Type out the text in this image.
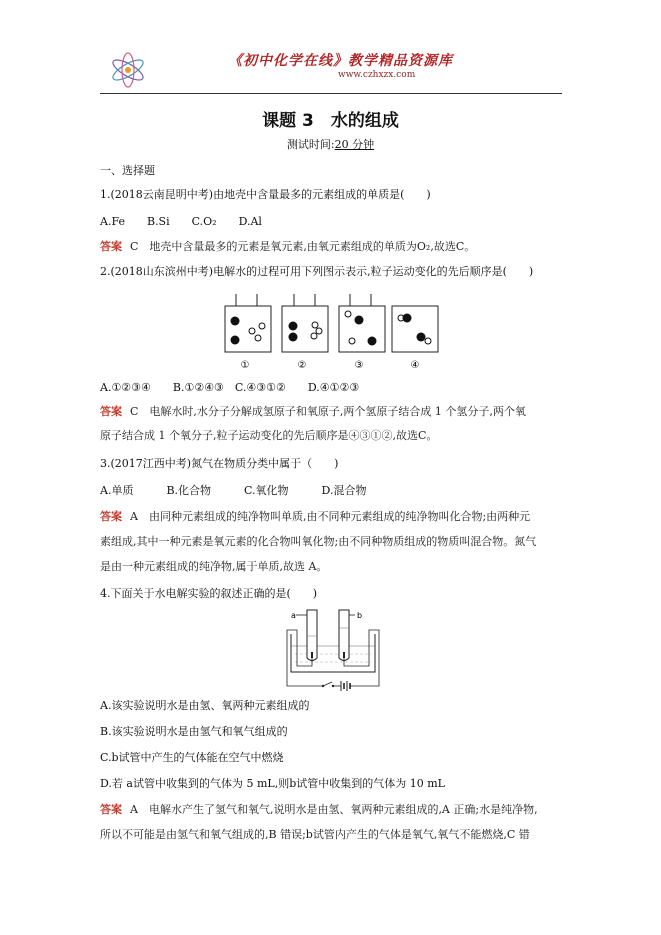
《初中化学在线》教学精品资源库
www.czhxzx.com
课题 3　水的组成
测试时间:20 分钟
一、选择题
1.(2018云南昆明中考)由地壳中含量最多的元素组成的单质是(　　)
A.Fe　　B.Si　　C.O₂　　D.Al
答案 C　地壳中含量最多的元素是氧元素,由氧元素组成的单质为O₂,故选C。
2.(2018山东滨州中考)电解水的过程可用下列图示表示,粒子运动变化的先后顺序是(　　)
①	②	③	④
A.①②③④　　B.①②④③　C.④③①②　　D.④①②③
答案 C　电解水时,水分子分解成氢原子和氧原子,两个氢原子结合成 1 个氢分子,两个氧
原子结合成 1 个氧分子,粒子运动变化的先后顺序是④③①②,故选C。
3.(2017江西中考)氮气在物质分类中属于（　　)
A.单质　　　B.化合物　　　C.氧化物　　　D.混合物
答案 A　由同种元素组成的纯净物叫单质,由不同种元素组成的纯净物叫化合物;由两种元
素组成,其中一种元素是氧元素的化合物叫氧化物;由不同种物质组成的物质叫混合物。氮气
是由一种元素组成的纯净物,属于单质,故选 A。
4.下面关于水电解实验的叙述正确的是(　　)
a	b
A.该实验说明水是由氢、氧两种元素组成的
B.该实验说明水是由氢气和氧气组成的
C.b试管中产生的气体能在空气中燃烧
D.若 a试管中收集到的气体为 5 mL,则b试管中收集到的气体为 10 mL
答案 A　电解水产生了氢气和氧气,说明水是由氢、氧两种元素组成的,A 正确;水是纯净物,
所以不可能是由氢气和氧气组成的,B 错误;b试管内产生的气体是氧气,氧气不能燃烧,C 错
